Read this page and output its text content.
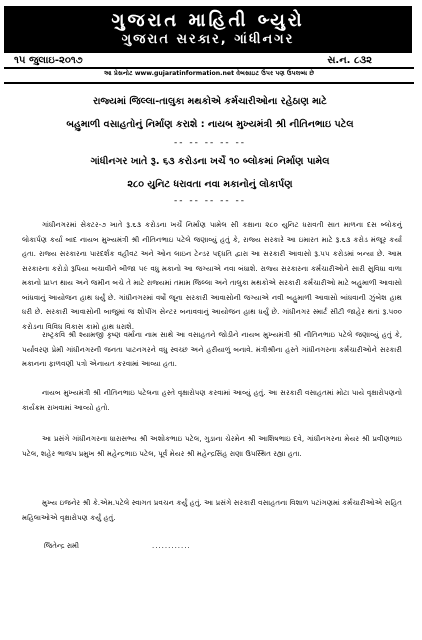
ગુજરાત માહિતી બ્યુરો
ગુજરાત સરકાર, ગાંધીનગર
૧૫ જુલાઇ-૨૦૧૭	સ.ન. ૮૩૨
આ પ્રેસનોટ www.gujaratinformation.net વેબસાઇટ ઉપર પણ ઉપલબ્ધ છે
રાજ્યમાં જિલ્લા-તાલુકા મથકોએ કર્મચારીઓના રહેઠાણ માટે
બહુમાળી વસાહતોનું નિર્માણ કરાશે : નાયબ મુખ્યમંત્રી શ્રી નીતિનભાઇ પટેલ
-- -- -- -- --
ગાંધીનગર ખાતે રૂ. ૬૩ કરોડના ખર્ચે ૧૦ બ્લોકમાં નિર્માણ પામેલ
૨૮૦ યુનિટ ધરાવતા નવા મકાનોનું લોકાર્પણ
-- -- -- -- --

ગાંધીનગરમાં સેક્ટર-૭ ખાતે રૂ.૬૩ કરોડના ખર્ચે નિર્માણ પામેલ સી કક્ષાના ૨૮૦ યુનિટ ધરાવતી સાત માળના દસ બ્લોકનું લોકાર્પણ કર્યા બાદ નાયબ મુખ્યમંત્રી શ્રી નીતિનભાઇ પટેલે જણાવ્યું હતું કે, રાજ્ય સરકારે આ ઇમારત માટે રૂ.૬૩ કરોડ મંજૂર કર્યા હતા. રાજ્ય સરકારના પારદર્શક વહીવટ અને ઓન લાઇન ટેન્ડર પદ્ધતિ દ્વારા આ સરકારી આવાસો રૂ.૫૫ કરોડમાં બન્યા છે. આમ સરકારના કરોડો રૂપિયા બચાવીને બીજા ૫૯ વધુ મકાનો આ જગ્યાએ નવા બંધાશે. રાજ્ય સરકારના કર્મચારીઓને સારી સુવિધા વાળા મકાનો પ્રાપ્ત થાય અને જમીન બચે તે માટે રાજ્યમાં તમામ જિલ્લા અને તાલુકા મથકોએ સરકારી કર્મચારીઓ માટે બહુમાળી આવાસો બાંધવાનું આયોજન હાથ ધર્યું છે. ગાંધીનગરમાં વર્ષો જૂના સરકારી આવાસોની જગ્યાએ નવી બહુમાળી આવાસો બાંધવાની ઝુંબેશ હાથ ધરી છે. સરકારી આવાસોની બાજુમાં જ શોપીંગ સેન્ટર બનાવવાનું આયોજન હાથ ધર્યું છે. ગાંધીનગર સ્માર્ટ સીટી જાહેર થતાં રૂ.૫૦૦ કરોડના વિવિધ વિકાસ કામો હાથ ધરાશે.

રાષ્ટ્રકવિ શ્રી શ્યામજી કૃષ્ણ વર્માના નામ સાથે આ વસાહતને જોડીને નાયબ મુખ્યમંત્રી શ્રી નીતિનભાઇ પટેલે જણાવ્યું હતું કે, પર્યાવરણ પ્રેમી ગાંધીનગરની જનતા પાટનગરને વધુ સ્વચ્છ અને હરીયાળું બનાવે. મંત્રીશ્રીના હસ્તે ગાંધીનગરના કર્મચારીઓને સરકારી મકાનના ફાળવણી પત્રો એનાયત કરવામાં આવ્યા હતા.

નાયબ મુખ્યમંત્રી શ્રી નીતિનભાઇ પટેલના હસ્તે વૃક્ષારોપણ કરવામાં આવ્યું હતું. આ સરકારી વસાહતમાં મોટા પાયે વૃક્ષારોપણનો કાર્યક્રમ રાખવામાં આવ્યો હતો.

આ પ્રસંગે ગાંધીનગરના ધારાસભ્ય શ્રી અશોકભાઇ પટેલ, ગુડાના ચેરમેન શ્રી આશિષભાઇ દવે, ગાંધીનગરના મેયર શ્રી પ્રવીણભાઇ પટેલ, શહેર ભાજપ પ્રમુખ શ્રી મહેન્દ્રભાઇ પટેલ, પૂર્વ મેયર શ્રી મહેન્દ્રસિંહ રાણા ઉપસ્થિત રહ્યા હતા.

મુખ્ય ઇજનેર શ્રી કે.એમ.પટેલે સ્વાગત પ્રવચન કર્યું હતું. આ પ્રસંગે સરકારી વસાહતના વિશાળ પટાંગણમાં કર્મચારીઓએ સહિત મહિલાઓએ વૃક્ષારોપણ કર્યું હતું.

જિતેન્દ્ર રામી	............
